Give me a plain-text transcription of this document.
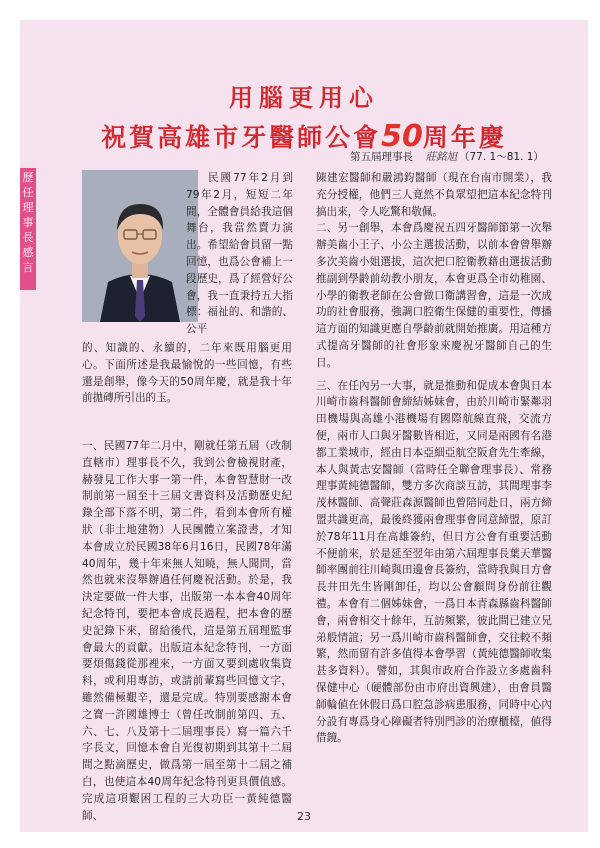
用腦更用心
祝賀高雄市牙醫師公會50周年慶
歷任理事長感言
第五屆理事長　 莊銘旭 （77. 1～81. 1）

民國77年2月到79年2月，短短二年間，全體會員給我這個舞台，我當然賣力演出。希望給會員留一點回憶，也爲公會補上一段歷史，爲了經營好公會，我一直秉持五大指標：福祉的、和諧的、公平

的、知識的、永續的，二年來既用腦更用心。下面所述是我最愉悅的一些回憶，有些還是創舉，像今天的50周年慶，就是我十年前拋磚所引出的玉。

一、民國77年二月中，剛就任第五屆（改制直轄市）理事長不久，我到公會檢視財產，赫發見工作大事一第一件，本會智慧財一改制前第一屆至十三屆文書資料及活動歷史紀錄全部下落不明，第二件，看到本會所有權狀（非土地建物）人民團體立案證書，才知本會成立於民國38年6月16日，民國78年滿40周年，幾十年來無人知曉，無人聞問，當然也就來沒舉辦過任何慶祝活動。於是，我決定要做一件大事，出版第一本本會40周年紀念特刊，要把本會成長過程，把本會的歷史記錄下來，留給後代，這是第五屆理監事會最大的貢獻。出版這本紀念特刊，一方面要煩傷錢從那裡來，一方面又要到處收集資料，或利用專訪，或請前輩寫些回憶文字，雖然備極艱辛，還是完成。特別要感謝本會之寶一許國雄博士（曾任改制前第四、五、六、七、八及第十二屆理事長）寫一篇六千字長文，回憶本會自光復初期到其第十二屆間之點滴歷史，做爲第一屆至第十二屆之補白，也使這本40周年紀念特刊更具價值感。完成這項艱困工程的三大功臣一黃純德醫師、

陳建宏醫師和嚴鴻鈞醫師（現在台南市開業），我充分授權，他們三人竟然不負眾望把這本紀念特刊搞出來，令人吃驚和敬佩。

二、另一創舉，本會爲慶祝五四牙醫師節第一次舉辦美齒小王子、小公主選拔活動，以前本會曾舉辦多次美齒小姐選拔，這次把口腔衛教藉由選拔活動推副到學齡前幼教小朋友，本會更爲全市幼稚園、小學的衛教老師在公會做口衛講習會，這是一次成功的社會服務，強調口腔衛生保健的重要性，傳播這方面的知識更應自學齡前就開始推廣。用這種方式提高牙醫師的社會形象來慶祝牙醫師自己的生日。

三、在任內另一大事，就是推動和促成本會與日本川崎市齒科醫師會締結姊妹會，由於川崎市緊鄰羽田機場與高雄小港機場有國際航線直飛，交流方便，兩市人口與牙醫數皆相近，又同是兩國有名港都工業城市，經由日本亞細亞航空阪倉先生牽線，本人與黃志安醫師（當時任全聯會理事長）、常務理事黃純德醫師，雙方多次商談互訪，其間理事李茂林醫師、高聲莊森源醫師也曾陪同赴日，兩方締盟共識更高，最後終獲兩會理事會同意締盟，原訂於78年11月在高雄簽約，但日方公會有重要活動不便前來，於是延至翌年由第六屆理事長葉天華醫師率團前往川崎與田邊會長簽約，當時我與日方會長井田先生皆剛卸任，均以公會顧問身份前往觀禮。本會有二個姊妹會，一爲日本青森縣齒科醫師會，兩會相交十餘年，互訪頻繁，彼此間已建立兄弟般情誼；另一爲川崎市齒科醫師會，交往較不頻繁，然而留有許多值得本會學習（黃純德醫師收集甚多資料）。譬如，其與市政府合作設立多處齒科保健中心（硬體部份由市府出資興建），由會員醫師輪値在休假日爲口腔急診病患服務，同時中心內分設有專爲身心障礙者特別門診的治療櫃檯，値得借鏡。

23
